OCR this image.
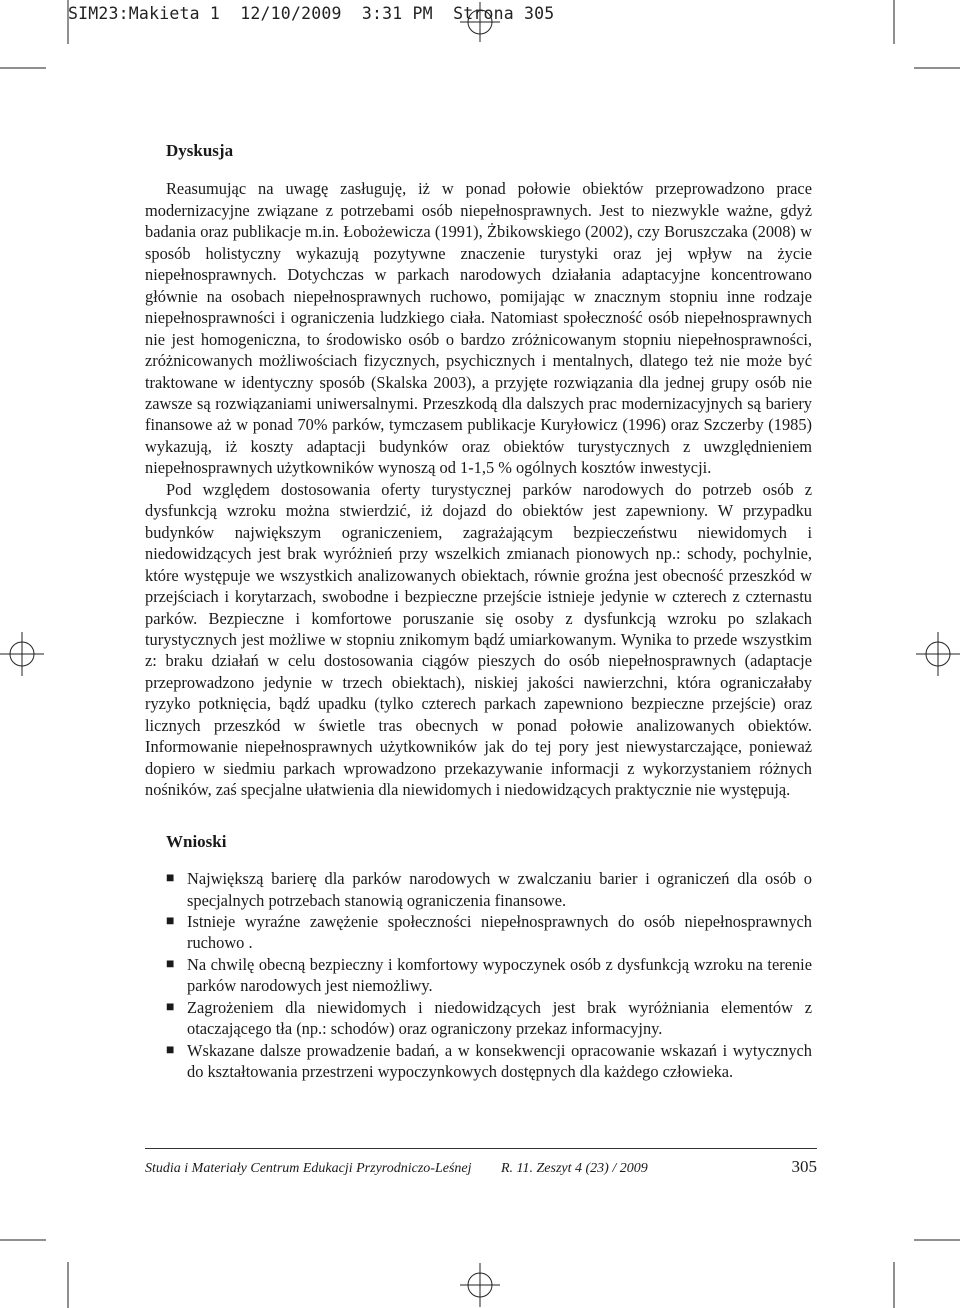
SIM23:Makieta 1  12/10/2009  3:31 PM  Strona 305
Dyskusja

Reasumując na uwagę zasługuję, iż w ponad połowie obiektów przeprowadzono prace modernizacyjne związane z potrzebami osób niepełnosprawnych. Jest to niezwykle ważne, gdyż badania oraz publikacje m.in. Łobożewicza (1991), Żbikowskiego (2002), czy Boruszczaka (2008) w sposób holistyczny wykazują pozytywne znaczenie turystyki oraz jej wpływ na życie niepełnosprawnych. Dotychczas w parkach narodowych działania adaptacyjne koncentrowano głównie na osobach niepełnosprawnych ruchowo, pomijając w znacznym stopniu inne rodzaje niepełnosprawności i ograniczenia ludzkiego ciała. Natomiast społeczność osób niepełnosprawnych nie jest homogeniczna, to środowisko osób o bardzo zróżnicowanym stopniu niepełnosprawności, zróżnicowanych możliwościach fizycznych, psychicznych i mentalnych, dlatego też nie może być traktowane w identyczny sposób (Skalska 2003), a przyjęte rozwiązania dla jednej grupy osób nie zawsze są rozwiązaniami uniwersalnymi. Przeszkodą dla dalszych prac modernizacyjnych są bariery finansowe aż w ponad 70% parków, tymczasem publikacje Kuryłowicz (1996) oraz Szczerby (1985) wykazują, iż koszty adaptacji budynków oraz obiektów turystycznych z uwzględnieniem niepełnosprawnych użytkowników wynoszą od 1-1,5 % ogólnych kosztów inwestycji.

Pod względem dostosowania oferty turystycznej parków narodowych do potrzeb osób z dysfunkcją wzroku można stwierdzić, iż dojazd do obiektów jest zapewniony. W przypadku budynków największym ograniczeniem, zagrażającym bezpieczeństwu niewidomych i niedowidzących jest brak wyróżnień przy wszelkich zmianach pionowych np.: schody, pochylnie, które występuje we wszystkich analizowanych obiektach, równie groźna jest obecność przeszkód w przejściach i korytarzach, swobodne i bezpieczne przejście istnieje jedynie w czterech z czternastu parków. Bezpieczne i komfortowe poruszanie się osoby z dysfunkcją wzroku po szlakach turystycznych jest możliwe w stopniu znikomym bądź umiarkowanym. Wynika to przede wszystkim z: braku działań w celu dostosowania ciągów pieszych do osób niepełnosprawnych (adaptacje przeprowadzono jedynie w trzech obiektach), niskiej jakości nawierzchni, która ograniczałaby ryzyko potknięcia, bądź upadku (tylko czterech parkach zapewniono bezpieczne przejście) oraz licznych przeszkód w świetle tras obecnych w ponad połowie analizowanych obiektów. Informowanie niepełnosprawnych użytkowników jak do tej pory jest niewystarczające, ponieważ dopiero w siedmiu parkach wprowadzono przekazywanie informacji z wykorzystaniem różnych nośników, zaś specjalne ułatwienia dla niewidomych i niedowidzących praktycznie nie występują.

Wnioski
■ Największą barierę dla parków narodowych w zwalczaniu barier i ograniczeń dla osób o specjalnych potrzebach stanowią ograniczenia finansowe.
■ Istnieje wyraźne zawężenie społeczności niepełnosprawnych do osób niepełnosprawnych ruchowo .
■ Na chwilę obecną bezpieczny i komfortowy wypoczynek osób z dysfunkcją wzroku na terenie parków narodowych jest niemożliwy.
■ Zagrożeniem dla niewidomych i niedowidzących jest brak wyróżniania elementów z otaczającego tła (np.: schodów) oraz ograniczony przekaz informacyjny.
■ Wskazane dalsze prowadzenie badań, a w konsekwencji opracowanie wskazań i wytycznych do kształtowania przestrzeni wypoczynkowych dostępnych dla każdego człowieka.
Studia i Materiały Centrum Edukacji Przyrodniczo-Leśnej R. 11. Zeszyt 4 (23) / 2009	305
